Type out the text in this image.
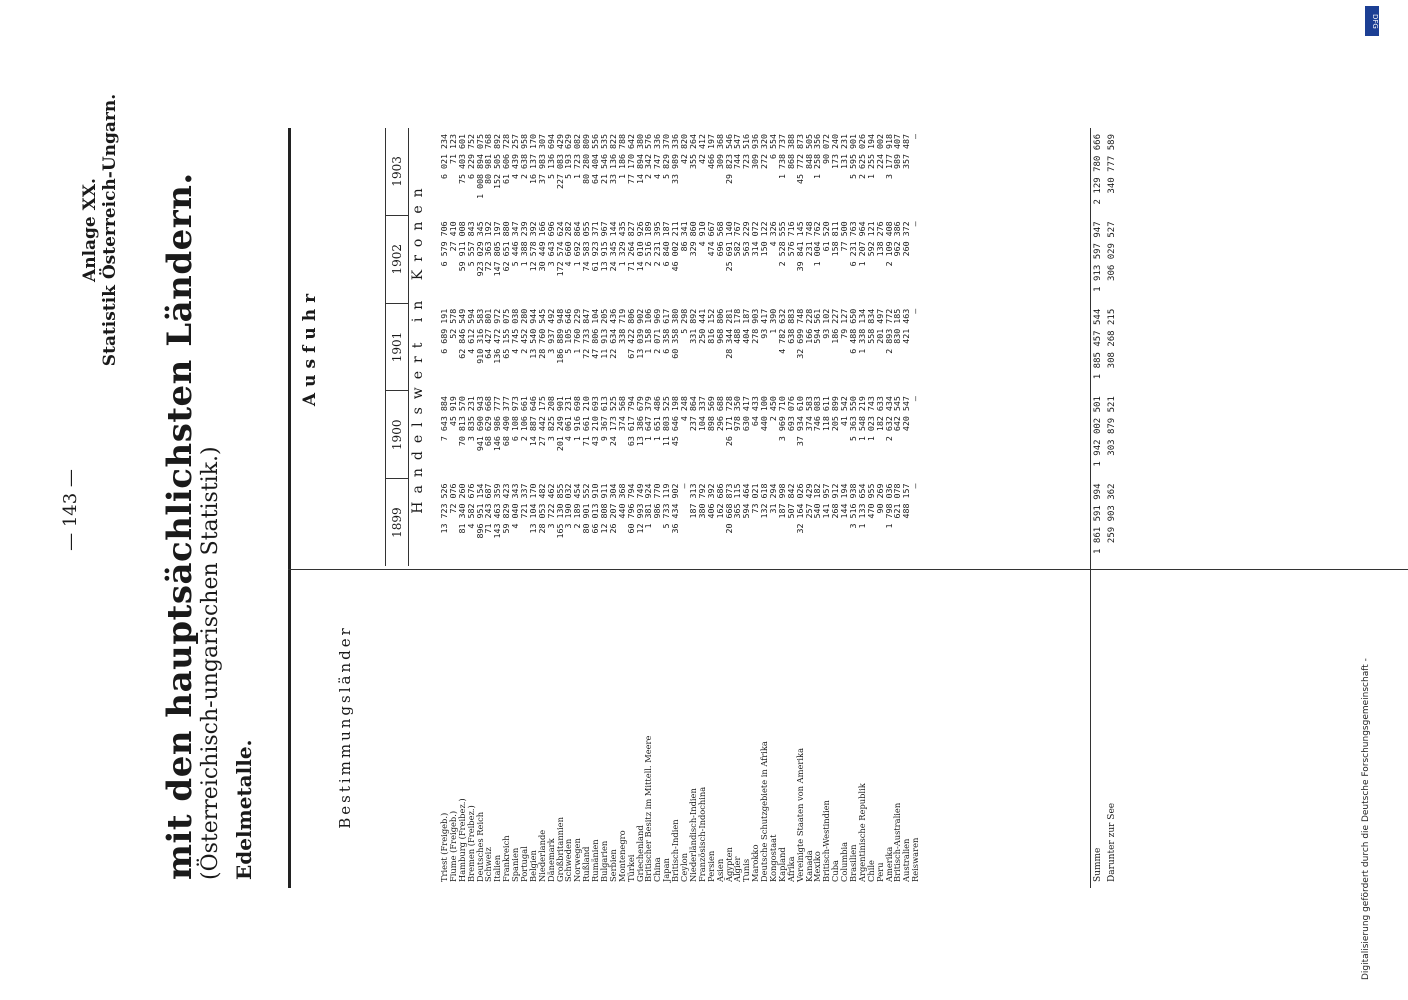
— 143 —
Anlage XX. Statistik Österreich-Ungarn. mit den hauptsächlichsten Ländern.
(Österreichisch-ungarischen Statistik.) Edelmetalle.	Bestimmungsländer
Ausfuhr
1899
1900
1901
1902
1903
Handelswert in Kronen
Triest (Freigeb.)
13 723 526
7 643 884
6 689 191
6 579 706
6 021 234
Fiume (Freigeb.)
72 076
45 919
52 578
27 410
71 123
Hamburg (Freibez.)
81 340 260
70 813 570
62 846 549
59 911 008
75 403 601
Bremen (Freibez.)
4 582 676
3 835 231
4 612 594
5 557 843
6 229 752
Deutsches Reich
896 951 154
941 690 943
910 316 583
923 029 345
1 008 894 075
Schweiz
71 243 687
68 629 668
64 427 801
72 363 192
80 981 768
Italien
143 463 359
146 986 777
136 472 972
147 805 197
152 505 892
Frankreich
59 829 423
68 490 377
65 155 075
62 651 880
61 606 728
Spanien
4 040 343
6 108 973
4 745 038
5 446 347
4 439 257
Portugal
721 337
2 106 661
2 452 280
1 388 239
2 638 958
Belgien
13 104 170
14 887 646
13 540 944
12 578 392
16 137 170
Niederlande
28 053 482
27 442 175
28 760 545
30 449 166
37 983 307
Dänemark
3 722 462
3 825 208
3 937 492
3 643 696
5 136 694
Großbritannien
165 130 855
201 249 901
186 889 948
172 574 624
227 083 429
Schweden
3 190 032
4 061 231
5 105 646
4 660 282
5 193 629
Norwegen
2 189 454
1 916 698
1 760 229
1 692 864
1 723 082
Rußland
80 901 552
71 661 210
72 733 847
74 583 055
80 280 809
Rumänien
66 013 910
43 210 693
47 806 104
61 923 371
64 404 556
Bulgarien
12 808 911
9 367 613
11 913 205
13 915 967
21 546 535
Serbien
26 207 304
24 173 525
22 634 436
24 345 144
33 136 822
Montenegro
440 368
374 568
338 719
1 329 435
1 186 788
Türkei
60 796 794
63 617 794
67 422 806
71 264 827
77 170 642
Griechenland
12 993 749
13 386 679
13 039 902
14 010 926
14 894 380
Britischer Besitz im Mittell. Meere
1 381 924
1 647 379
1 158 106
2 516 189
2 342 576
China
986 770
1 651 486
2 071 969
2 231 395
4 747 336
Japan
5 733 119
11 803 525
6 358 617
6 840 187
5 829 370
Britisch-Indien
36 434 902
45 646 198
60 358 380
46 002 211
33 989 336
Ceylon
—
4 248
5 298
86 341
42 820
Niederländisch-Indien
187 313
237 864
331 892
329 860
355 264
Französisch-Indochina
380 792
104 337
250 441
4 910
42 412
Persien
406 392
898 569
816 152
474 667
466 197
Asien
162 686
296 688
968 806
696 568
309 368
Ägypten
20 668 873
26 171 728
28 344 281
25 691 140
29 823 546
Algier
365 115
978 350
488 178
582 767
744 547
Tunis
594 464
630 417
404 187
563 229
723 516
Marokko
73 021
64 433
278 903
314 072
309 936
Deutsche Schutzgebiete in Afrika
132 618
440 100
93 417
150 122
272 320
Kongostaat
31 294
2 450
1 390
4 326
6 554
Kapland
187 998
3 969 710
4 782 632
2 528 555
1 738 737
Afrika
507 842
693 076
638 883
576 716
868 388
Vereinigte Staaten von Amerika
32 164 026
37 934 610
32 699 748
39 841 145
45 772 873
Kanada
257 429
374 583
166 228
231 748
848 505
Mexiko
540 182
746 083
594 561
1 004 762
1 258 356
Britisch-Westindien
141 957
118 611
93 102
61 520
90 072
Cuba
268 912
205 899
186 227
158 811
173 240
Columbia
144 194
41 542
79 127
77 500
131 231
Brasilien
3 516 938
5 363 550
6 488 650
6 231 763
5 595 901
Argentinische Republik
1 133 654
1 548 219
1 338 134
1 207 964
2 625 026
Chile
470 955
1 023 743
558 834
592 121
1 255 194
Peru
90 269
182 633
201 497
138 276
224 002
Amerika
1 798 036
2 632 434
2 893 772
2 109 408
3 177 918
Britisch-Australien
621 078
642 545
830 185
962 386
989 407
Australien
488 157
420 547
421 463
260 372
357 487
Reiswaren
—
—
—
—
—
Summe
1 861 591 994
1 942 002 501
1 885 457 544
1 913 597 947
2 129 780 666
Darunter zur See
259 903 362
303 879 521
308 268 215
306 029 527
340 777 589
Digitalisierung gefördert durch die Deutsche Forschungsgemeinschaft -
DFG
